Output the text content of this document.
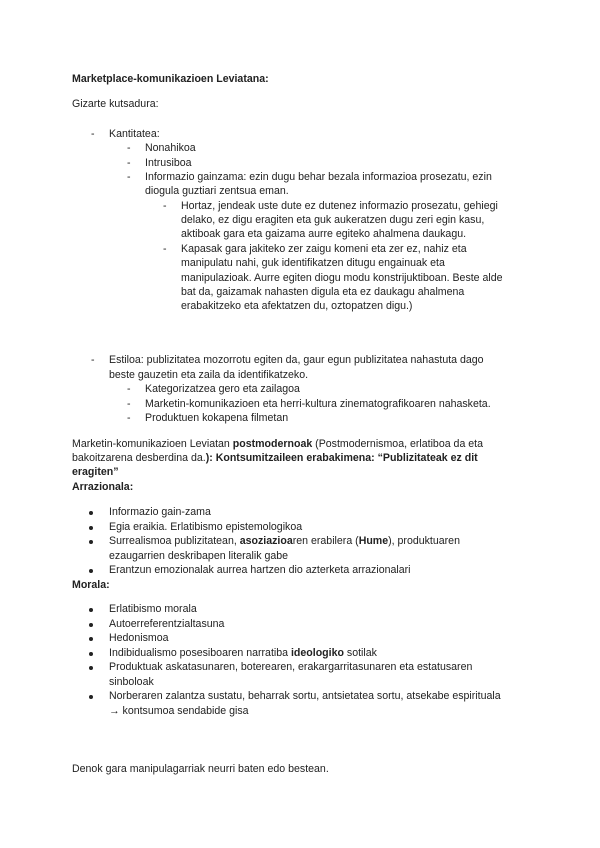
Marketplace-komunikazioen Leviatana:
Gizarte kutsadura:
- Kantitatea:
- Nonahikoa
- Intrusiboa
- Informazio gainzama: ezin dugu behar bezala informazioa prosezatu, ezin
diogula guztiari zentsua eman.
- Hortaz, jendeak uste dute ez dutenez informazio prosezatu, gehiegi
delako, ez digu eragiten eta guk aukeratzen dugu zeri egin kasu,
aktiboak gara eta gaizama aurre egiteko ahalmena daukagu.
- Kapasak gara jakiteko zer zaigu komeni eta zer ez, nahiz eta
manipulatu nahi, guk identifikatzen ditugu engainuak eta
manipulazioak. Aurre egiten diogu modu konstrijuktiboan. Beste alde
bat da, gaizamak nahasten digula eta ez daukagu ahalmena
erabakitzeko eta afektatzen du, oztopatzen digu.)
- Estiloa: publizitatea mozorrotu egiten da, gaur egun publizitatea nahastuta dago
beste gauzetin eta zaila da identifikatzeko.
- Kategorizatzea gero eta zailagoa
- Marketin-komunikazioen eta herri-kultura zinematografikoaren nahasketa.
- Produktuen kokapena filmetan
Marketin-komunikazioen Leviatan postmodernoak (Postmodernismoa, erlatiboa da eta
bakoitzarena desberdina da.): Kontsumitzaileen erabakimena: “Publizitateak ez dit
eragiten”
Arrazionala:
Informazio gain-zama
Egia eraikia. Erlatibismo epistemologikoa
Surrealismoa publizitatean, asoziazioaren erabilera (Hume), produktuaren
ezaugarrien deskribapen literalik gabe
Erantzun emozionalak aurrea hartzen dio azterketa arrazionalari
Morala:
Erlatibismo morala
Autoerreferentzialtasuna
Hedonismoa
Indibidualismo posesiboaren narratiba ideologiko sotilak
Produktuak askatasunaren, boterearen, erakargarritasunaren eta estatusaren
sinboloak
Norberaren zalantza sustatu, beharrak sortu, antsietatea sortu, atsekabe espirituala
→ kontsumoa sendabide gisa
Denok gara manipulagarriak neurri baten edo bestean.
